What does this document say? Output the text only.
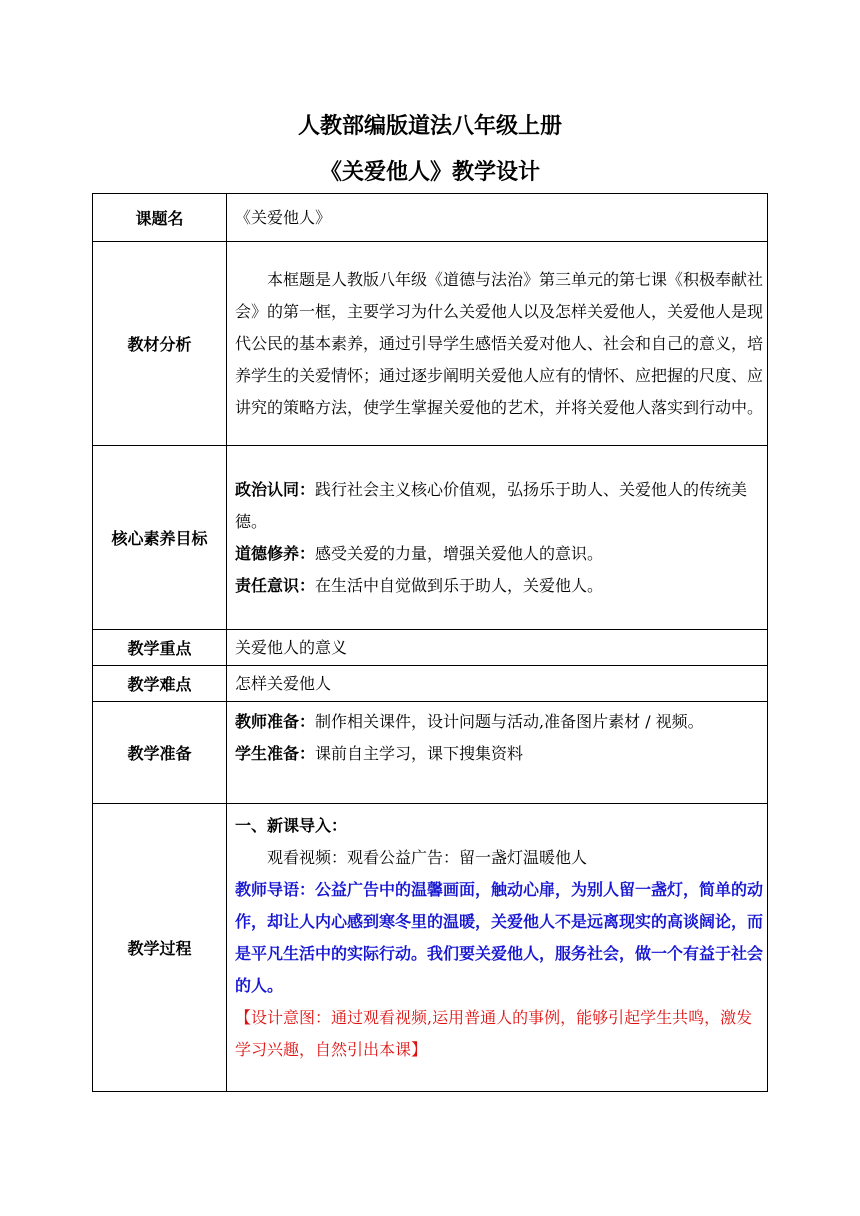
人教部编版道法八年级上册
《关爱他人》教学设计
课题名	《关爱他人》
教材分析	本框题是人教版八年级《道德与法治》第三单元的第七课《积极奉献社会》的第一框，主要学习为什么关爱他人以及怎样关爱他人，关爱他人是现代公民的基本素养，通过引导学生感悟关爱对他人、社会和自己的意义，培养学生的关爱情怀；通过逐步阐明关爱他人应有的情怀、应把握的尺度、应讲究的策略方法，使学生掌握关爱他的艺术，并将关爱他人落实到行动中。

核心素养目标	政治认同：践行社会主义核心价值观，弘扬乐于助人、关爱他人的传统美德。

道德修养：感受关爱的力量，增强关爱他人的意识。

责任意识：在生活中自觉做到乐于助人，关爱他人。

教学重点	关爱他人的意义
教学难点	怎样关爱他人
教学准备	教师准备：制作相关课件，设计问题与活动,准备图片素材 / 视频。

学生准备：课前自主学习，课下搜集资料

教学过程	一、新课导入：

观看视频：观看公益广告：留一盏灯温暖他人

教师导语：公益广告中的温馨画面，触动心扉，为别人留一盏灯，简单的动作，却让人内心感到寒冬里的温暖，关爱他人不是远离现实的高谈阔论，而是平凡生活中的实际行动。我们要关爱他人，服务社会，做一个有益于社会的人。

【设计意图：通过观看视频,运用普通人的事例，能够引起学生共鸣，激发学习兴趣，自然引出本课】
